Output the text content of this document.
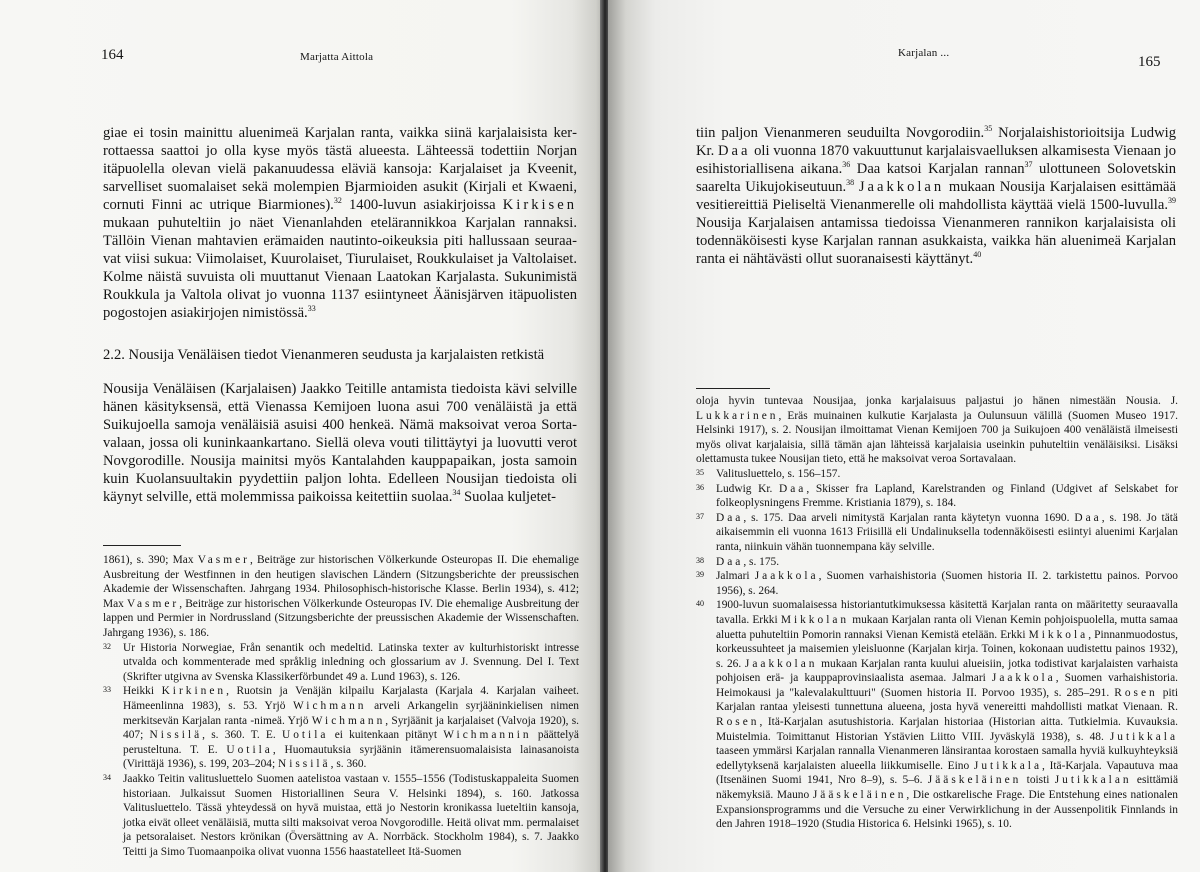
164	Marjatta Aittola

giae ei tosin mainittu aluenimeä Karjalan ranta, vaikka siinä karjalaisista kerrottaessa saattoi jo olla kyse myös tästä alueesta. Lähteessä todettiin Norjan itäpuolella olevan vielä pakanuudessa eläviä kansoja: Karjalaiset ja Kveenit, sarvelliset suomalaiset sekä molempien Bjarmioiden asukit (Kirjali et Kwaeni, cornuti Finni ac utrique Biarmiones).$^{32}$ 1400-luvun asiakirjoissa Kirkisen mukaan puhuteltiin jo näet Vienanlahden etelärannikkoa Karjalan rannaksi. Tällöin Vienan mahtavien erämaiden nautinto-oikeuksia piti hallussaan seuraavat viisi sukua: Viimolaiset, Kuurolaiset, Tiurulaiset, Roukkulaiset ja Valtolaiset. Kolme näistä suvuista oli muuttanut Vienaan Laatokan Karjalasta. Sukunimistä Roukkula ja Valtola olivat jo vuonna 1137 esiintyneet Äänisjärven itäpuolisten pogostojen asiakirjojen nimistössä.$^{33}$

2.2. Nousija Venäläisen tiedot Vienanmeren seudusta ja karjalaisten retkistä

Nousija Venäläisen (Karjalaisen) Jaakko Teitille antamista tiedoista kävi selville hänen käsityksensä, että Vienassa Kemijoen luona asui 700 venäläistä ja että Suikujoella samoja venäläisiä asuisi 400 henkeä. Nämä maksoivat veroa Sortavalaan, jossa oli kuninkaankartano. Siellä oleva vouti tilittäytyi ja luovutti verot Novgorodille. Nousija mainitsi myös Kantalahden kauppapaikan, josta samoin kuin Kuolansuultakin pyydettiin paljon lohta. Edelleen Nousijan tiedoista oli käynyt selville, että molemmissa paikoissa keitettiin suolaa.$^{34}$ Suolaa kuljetet-

1861), s. 390; Max Vasmer, Beiträge zur historischen Völkerkunde Osteuropas II. Die ehemalige Ausbreitung der Westfinnen in den heutigen slavischen Ländern (Sitzungsberichte der preussischen Akademie der Wissenschaften. Jahrgang 1934. Philosophisch-historische Klasse. Berlin 1934), s. 412; Max Vasmer, Beiträge zur historischen Völkerkunde Osteuropas IV. Die ehemalige Ausbreitung der lappen und Permier in Nordrussland (Sitzungsberichte der preussischen Akademie der Wissenschaften. Jahrgang 1936), s. 186.

32 Ur Historia Norwegiae, Från senantik och medeltid. Latinska texter av kulturhistoriskt intresse utvalda och kommenterade med språklig inledning och glossarium av J. Svennung. Del I. Text (Skrifter utgivna av Svenska Klassikerförbundet 49 a. Lund 1963), s. 126.

33 Heikki Kirkinen, Ruotsin ja Venäjän kilpailu Karjalasta (Karjala 4. Karjalan vaiheet. Hämeenlinna 1983), s. 53. Yrjö Wichmann arveli Arkangelin syrjääninkielisen nimen merkitsevän Karjalan ranta -nimeä. Yrjö Wichmann, Syrjäänit ja karjalaiset (Valvoja 1920), s. 407; Nissilä, s. 360. T. E. Uotila ei kuitenkaan pitänyt Wichmannin päättelyä perusteltuna. T. E. Uotila, Huomautuksia syrjäänin itämerensuomalaisista lainasanoista (Virittäjä 1936), s. 199, 203–204; Nissilä, s. 360.

34 Jaakko Teitin valitusluettelo Suomen aatelistoa vastaan v. 1555–1556 (Todistuskappaleita Suomen historiaan. Julkaissut Suomen Historiallinen Seura V. Helsinki 1894), s. 160. Jatkossa Valitusluettelo. Tässä yhteydessä on hyvä muistaa, että jo Nestorin kronikassa lueteltiin kansoja, jotka eivät olleet venäläisiä, mutta silti maksoivat veroa Novgorodille. Heitä olivat mm. permalaiset ja petsoralaiset. Nestors krönikan (Översättning av A. Norrbäck. Stockholm 1984), s. 7. Jaakko Teitti ja Simo Tuomaanpoika olivat vuonna 1556 haastatelleet Itä-Suomen

Karjalan ...
165

tiin paljon Vienanmeren seuduilta Novgorodiin.$^{35}$ Norjalaishistorioitsija Ludwig Kr. Daa oli vuonna 1870 vakuuttunut karjalaisvaelluksen alkamisesta Vienaan jo esihistoriallisena aikana.$^{36}$ Daa katsoi Karjalan rannan$^{37}$ ulottuneen Solovetskin saarelta Uikujokiseutuun.$^{38}$ Jaakkolan mukaan Nousija Karjalaisen esittämää vesitiereittiä Pieliseltä Vienanmerelle oli mahdollista käyttää vielä 1500-luvulla.$^{39}$ Nousija Karjalaisen antamissa tiedoissa Vienanmeren rannikon karjalaisista oli todennäköisesti kyse Karjalan rannan asukkaista, vaikka hän aluenimeä Karjalan ranta ei nähtävästi ollut suoranaisesti käyttänyt.$^{40}$

oloja hyvin tuntevaa Nousijaa, jonka karjalaisuus paljastui jo hänen nimestään Nousia. J. Lukkarinen, Eräs muinainen kulkutie Karjalasta ja Oulunsuun välillä (Suomen Museo 1917. Helsinki 1917), s. 2. Nousijan ilmoittamat Vienan Kemijoen 700 ja Suikujoen 400 venäläistä ilmeisesti myös olivat karjalaisia, sillä tämän ajan lähteissä karjalaisia useinkin puhuteltiin venäläisiksi. Lisäksi olettamusta tukee Nousijan tieto, että he maksoivat veroa Sortavalaan.

35 Valitusluettelo, s. 156–157.

36 Ludwig Kr. Daa, Skisser fra Lapland, Karelstranden og Finland (Udgivet af Selskabet for folkeoplysningens Fremme. Kristiania 1879), s. 184.

37 Daa, s. 175. Daa arveli nimitystä Karjalan ranta käytetyn vuonna 1690. Daa, s. 198. Jo tätä aikaisemmin eli vuonna 1613 Friisillä eli Undalinuksella todennäköisesti esiintyi aluenimi Karjalan ranta, niinkuin vähän tuonnempana käy selville.

38 Daa, s. 175.

39 Jalmari Jaakkola, Suomen varhaishistoria (Suomen historia II. 2. tarkistettu painos. Porvoo 1956), s. 264.

40 1900-luvun suomalaisessa historiantutkimuksessa käsitettä Karjalan ranta on määritetty seuraavalla tavalla. Erkki Mikkolan mukaan Karjalan ranta oli Vienan Kemin pohjoispuolella, mutta samaa aluetta puhuteltiin Pomorin rannaksi Vienan Kemistä etelään. Erkki Mikkola, Pinnanmuodostus, korkeussuhteet ja maisemien yleisluonne (Karjalan kirja. Toinen, kokonaan uudistettu painos 1932), s. 26. Jaakkolan mukaan Karjalan ranta kuului alueisiin, jotka todistivat karjalaisten varhaista pohjoisen erä- ja kauppaprovinsiaalista asemaa. Jalmari Jaakkola, Suomen varhaishistoria. Heimokausi ja "kalevalakulttuuri" (Suomen historia II. Porvoo 1935), s. 285–291. Rosen piti Karjalan rantaa yleisesti tunnettuna alueena, josta hyvä venereitti mahdollisti matkat Vienaan. R. Rosen, Itä-Karjalan asutushistoria. Karjalan historiaa (Historian aitta. Tutkielmia. Kuvauksia. Muistelmia. Toimittanut Historian Ystävien Liitto VIII. Jyväskylä 1938), s. 48. Jutikkala taaseen ymmärsi Karjalan rannalla Vienanmeren länsirantaa korostaen samalla hyviä kulkuyhteyksiä edellytyksenä karjalaisten alueella liikkumiselle. Eino Jutikkala, Itä-Karjala. Vapautuva maa (Itsenäinen Suomi 1941, Nro 8–9), s. 5–6. Jääskeläinen toisti Jutikkalan esittämiä näkemyksiä. Mauno Jääskeläinen, Die ostkarelische Frage. Die Entstehung eines nationalen Expansionsprogramms und die Versuche zu einer Verwirklichung in der Aussenpolitik Finnlands in den Jahren 1918–1920 (Studia Historica 6. Helsinki 1965), s. 10.
